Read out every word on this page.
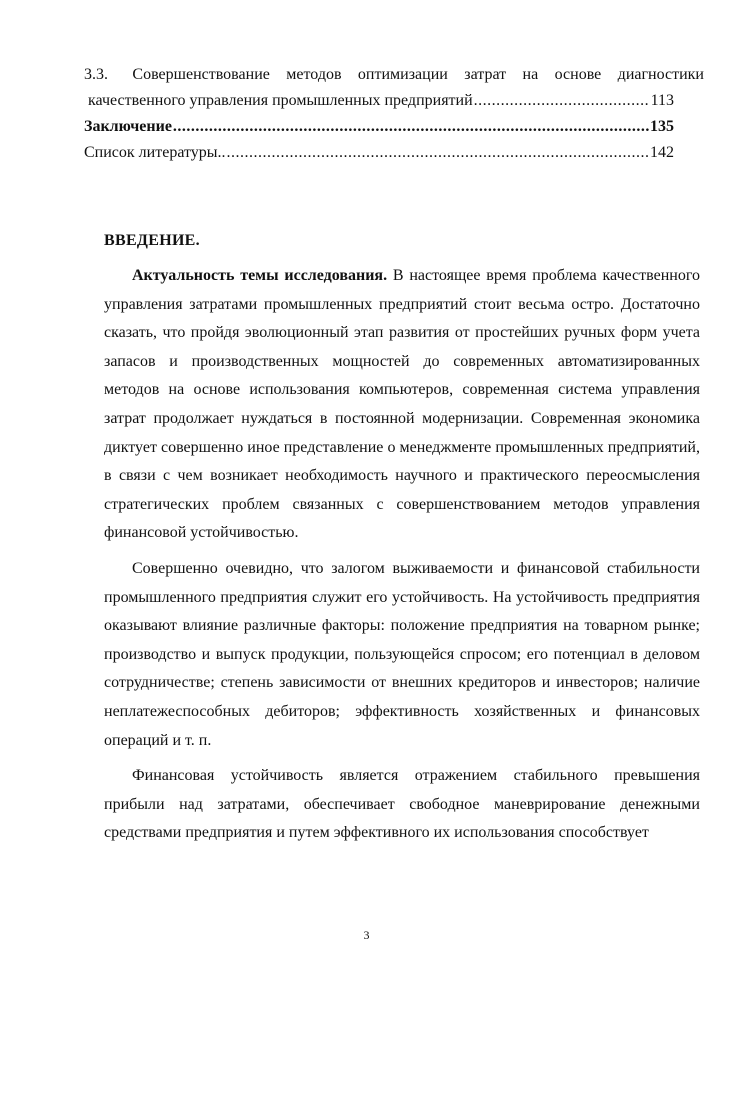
3.3. Совершенствование методов оптимизации затрат на основе диагностики
качественного управления промышленных предприятий .....	113
Заключение .....	135
Список литературы.. .....	142
ВВЕДЕНИЕ.

Актуальность темы исследования. В настоящее время проблема качественного управления затратами промышленных предприятий стоит весьма остро. Достаточно сказать, что пройдя эволюционный этап развития от простейших ручных форм учета запасов и производственных мощностей до современных автоматизированных методов на основе использования компьютеров, современная система управления затрат продолжает нуждаться в постоянной модернизации. Современная экономика диктует совершенно иное представление о менеджменте промышленных предприятий, в связи с чем возникает необходимость научного и практического переосмысления стратегических проблем связанных с совершенствованием методов управления финансовой устойчивостью.

Совершенно очевидно, что залогом выживаемости и финансовой стабильности промышленного предприятия служит его устойчивость. На устойчивость предприятия оказывают влияние различные факторы: положение предприятия на товарном рынке; производство и выпуск продукции, пользующейся спросом; его потенциал в деловом сотрудничестве; степень зависимости от внешних кредиторов и инвесторов; наличие неплатежеспособных дебиторов; эффективность хозяйственных и финансовых операций и т. п.

Финансовая устойчивость является отражением стабильного превышения прибыли над затратами, обеспечивает свободное маневрирование денежными средствами предприятия и путем эффективного их использования способствует

3
